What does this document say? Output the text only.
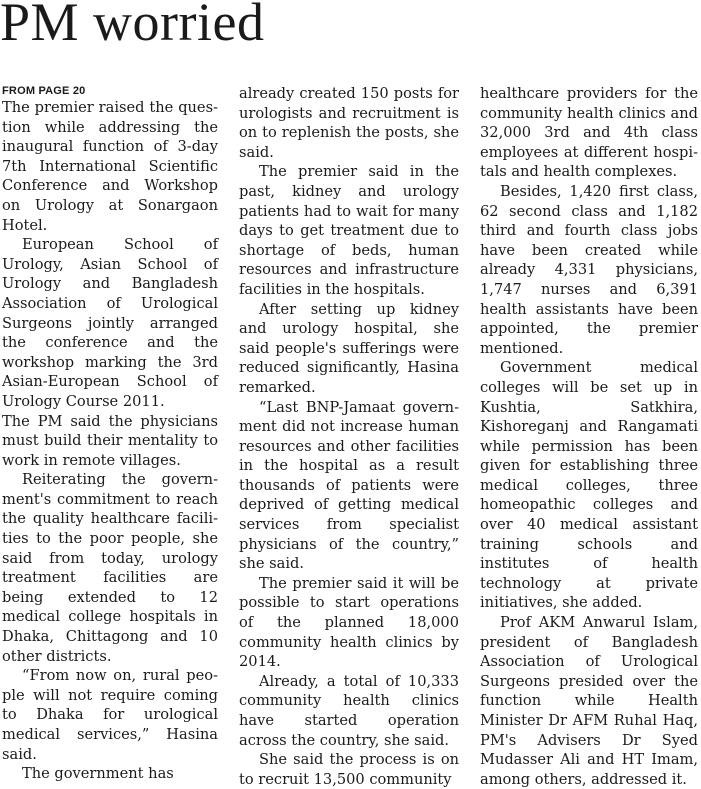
PM worried
FROM PAGE 20

The premier raised the question while addressing the inaugural function of 3-day 7th International Scientific Conference and Workshop on Urology at Sonargaon Hotel.

European School of Urology, Asian School of Urology and Bangladesh Association of Urological Surgeons jointly arranged the conference and the workshop marking the 3rd Asian-European School of Urology Course 2011.

The PM said the physicians must build their mentality to work in remote villages.

Reiterating the government's commitment to reach the quality healthcare facilities to the poor people, she said from today, urology treatment facilities are being extended to 12 medical college hospitals in Dhaka, Chittagong and 10 other districts.

“From now on, rural people will not require coming to Dhaka for urological medical services,” Hasina said.

The government has

already created 150 posts for urologists and recruitment is on to replenish the posts, she said.

The premier said in the past, kidney and urology patients had to wait for many days to get treatment due to shortage of beds, human resources and infrastructure facilities in the hospitals.

After setting up kidney and urology hospital, she said people's sufferings were reduced significantly, Hasina remarked.

“Last BNP-Jamaat government did not increase human resources and other facilities in the hospital as a result thousands of patients were deprived of getting medical services from specialist physicians of the country,” she said.

The premier said it will be possible to start operations of the planned 18,000 community health clinics by 2014.

Already, a total of 10,333 community health clinics have started operation across the country, she said.

She said the process is on to recruit 13,500 community

healthcare providers for the community health clinics and 32,000 3rd and 4th class employees at different hospitals and health complexes.

Besides, 1,420 first class, 62 second class and 1,182 third and fourth class jobs have been created while already 4,331 physicians, 1,747 nurses and 6,391 health assistants have been appointed, the premier mentioned.

Government medical colleges will be set up in Kushtia, Satkhira, Kishoreganj and Rangamati while permission has been given for establishing three medical colleges, three homeopathic colleges and over 40 medical assistant training schools and institutes of health technology at private initiatives, she added.

Prof AKM Anwarul Islam, president of Bangladesh Association of Urological Surgeons presided over the function while Health Minister Dr AFM Ruhal Haq, PM's Advisers Dr Syed Mudasser Ali and HT Imam, among others, addressed it.
